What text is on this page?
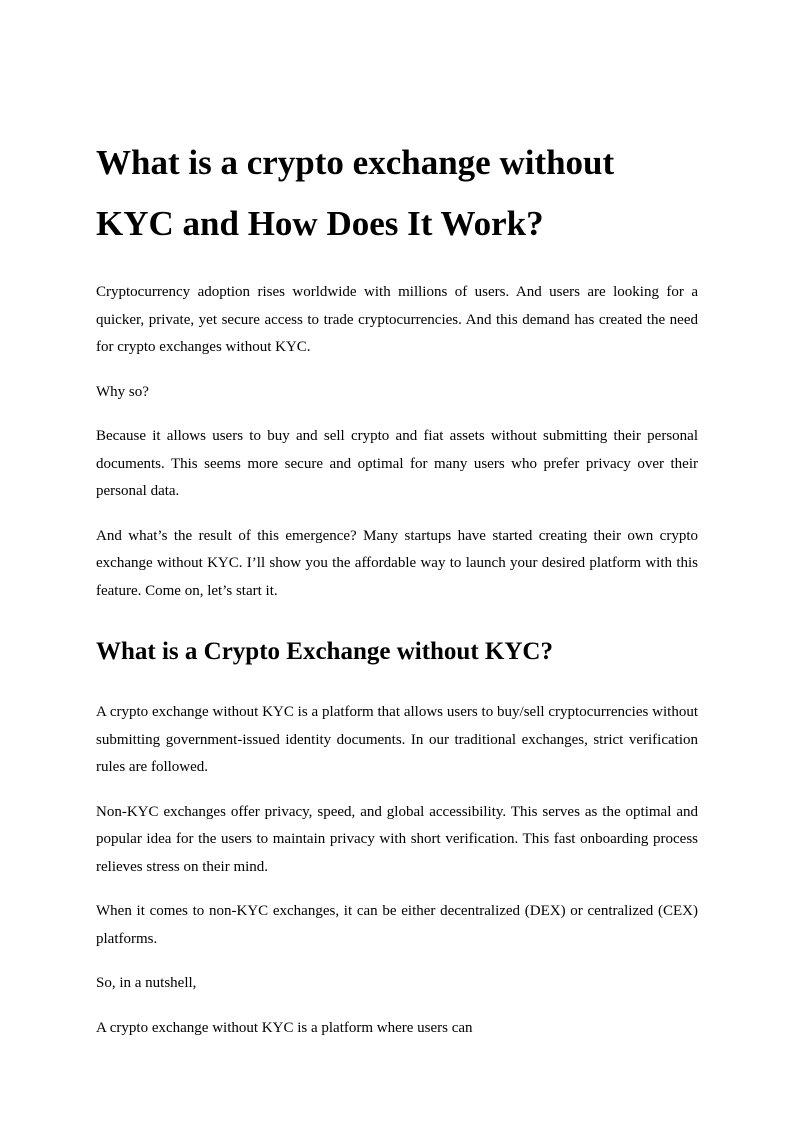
What is a crypto exchange without KYC and How Does It Work?

Cryptocurrency adoption rises worldwide with millions of users. And users are looking for a quicker, private, yet secure access to trade cryptocurrencies. And this demand has created the need for crypto exchanges without KYC.

Why so?

Because it allows users to buy and sell crypto and fiat assets without submitting their personal documents. This seems more secure and optimal for many users who prefer privacy over their personal data.

And what’s the result of this emergence? Many startups have started creating their own crypto exchange without KYC. I’ll show you the affordable way to launch your desired platform with this feature. Come on, let’s start it.

What is a Crypto Exchange without KYC?

A crypto exchange without KYC is a platform that allows users to buy/sell cryptocurrencies without submitting government-issued identity documents. In our traditional exchanges, strict verification rules are followed.

Non-KYC exchanges offer privacy, speed, and global accessibility. This serves as the optimal and popular idea for the users to maintain privacy with short verification. This fast onboarding process relieves stress on their mind.

When it comes to non-KYC exchanges, it can be either decentralized (DEX) or centralized (CEX) platforms.

So, in a nutshell,

A crypto exchange without KYC is a platform where users can
